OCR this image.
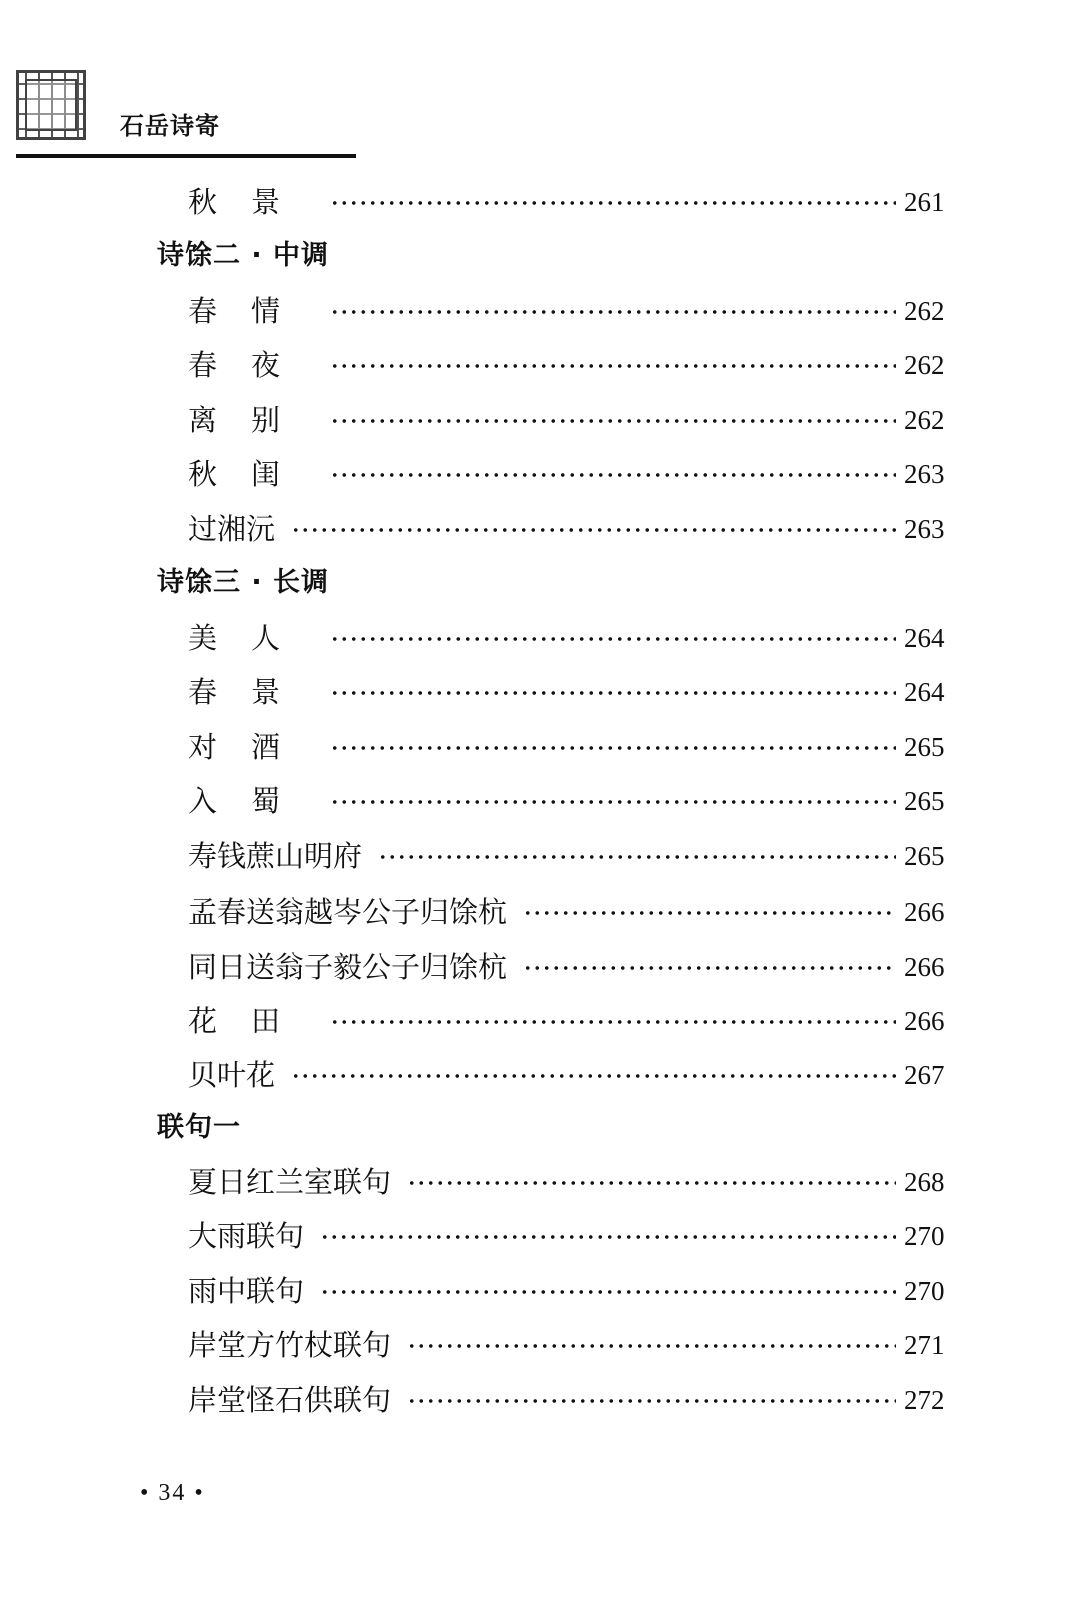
石岳诗寄
秋景	261
诗馀二 · 中调
春情	262
春夜	262
离别	262
秋闺	263
过湘沅	263
诗馀三 · 长调
美人	264
春景	264
对酒	265
入蜀	265
寿钱蔗山明府	265
孟春送翁越岑公子归馀杭	266
同日送翁子毅公子归馀杭	266
花田	266
贝叶花	267
联句一
夏日红兰室联句	268
大雨联句	270
雨中联句	270
岸堂方竹杖联句	271
岸堂怪石供联句	272
• 34 •
